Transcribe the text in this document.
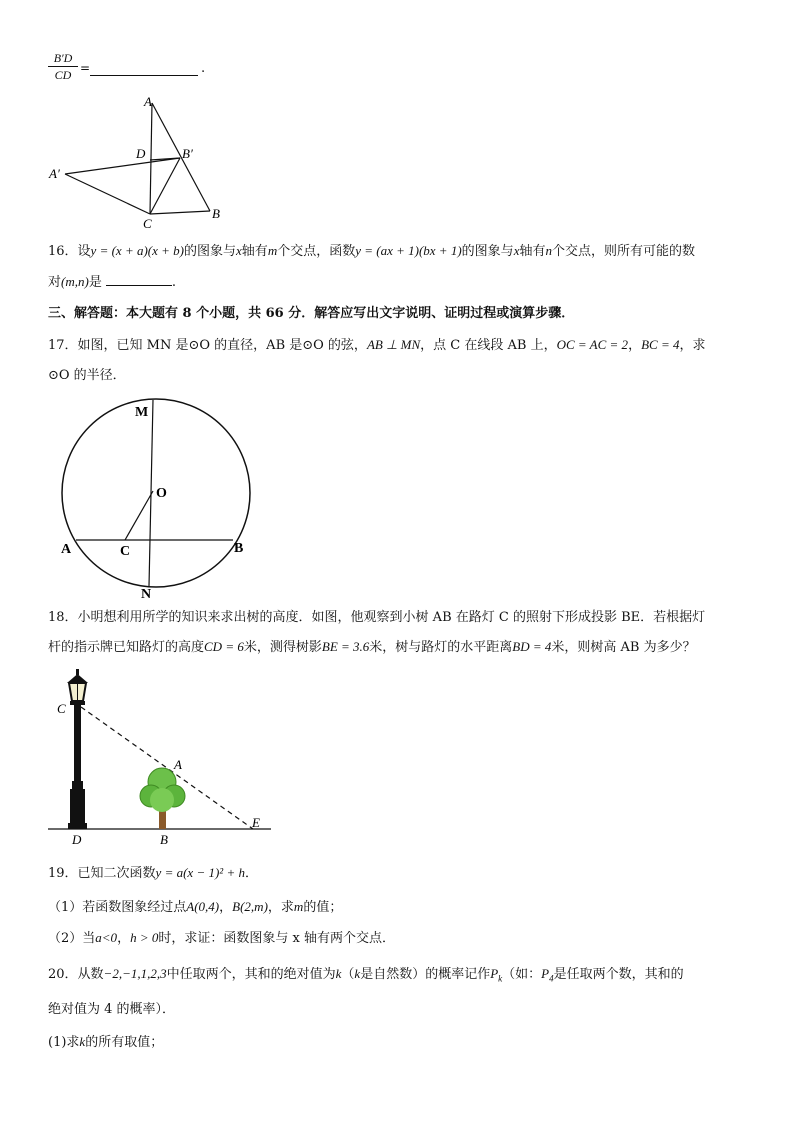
B′D
CD =	.
A
D	B′
A′
C
B
16．设y = (x + a)(x + b)的图象与x轴有m个交点，函数y = (ax + 1)(bx + 1)的图象与x轴有n个交点，则所有可能的数
对(m,n)是	.
三、解答题：本大题有 8 个小题，共 66 分．解答应写出文字说明、证明过程或演算步骤．
17．如图，已知 MN 是⊙O 的直径，AB 是⊙O 的弦，AB ⊥ MN，点 C 在线段 AB 上，OC = AC = 2，BC = 4，求
⊙O 的半径．
M
O
A	C	B
N
18．小明想利用所学的知识来求出树的高度．如图，他观察到小树 AB 在路灯 C 的照射下形成投影 BE．若根据灯
杆的指示牌已知路灯的高度CD = 6米，测得树影BE = 3.6米，树与路灯的水平距离BD = 4米，则树高 AB 为多少？
C
A
D	B
E
19．已知二次函数y = a(x − 1)² + h．
（1）若函数图象经过点A(0,4)，B(2,m)，求m的值；
（2）当a<0，h > 0时，求证：函数图象与 x 轴有两个交点．
20．从数−2,−1,1,2,3中任取两个，其和的绝对值为k（k是自然数）的概率记作$P_k$（如：$P_4$是任取两个数，其和的
绝对值为 4 的概率）．
(1)求k的所有取值；
